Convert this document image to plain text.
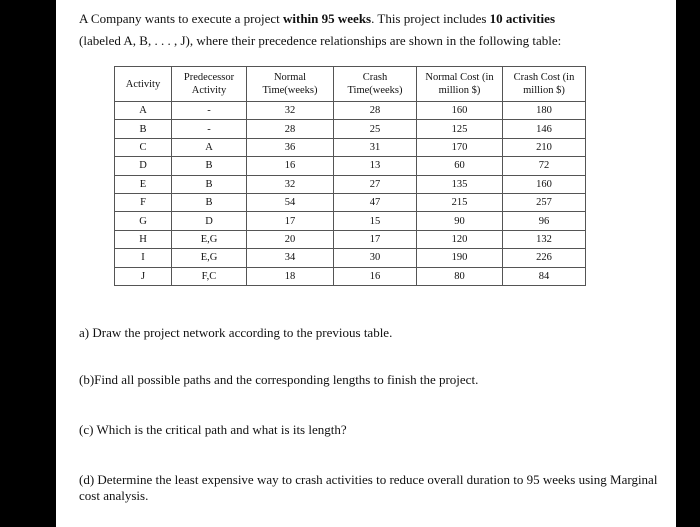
A Company wants to execute a project within 95 weeks. This project includes 10 activities
(labeled A, B, . . . , J), where their precedence relationships are shown in the following table:
Activity	Predecessor Activity	Normal Time(weeks)	Crash Time(weeks)	Normal Cost (in million $)	Crash Cost (in million $)
A	-	32	28	160	180
B	-	28	25	125	146
C	A	36	31	170	210
D	B	16	13	60	72
E	B	32	27	135	160
F	B	54	47	215	257
G	D	17	15	90	96
H	E,G	20	17	120	132
I	E,G	34	30	190	226
J	F,C	18	16	80	84
a) Draw the project network according to the previous table.
(b)Find all possible paths and the corresponding lengths to finish the project.
(c) Which is the critical path and what is its length?
(d) Determine the least expensive way to crash activities to reduce overall duration to 95 weeks using Marginal cost analysis.
